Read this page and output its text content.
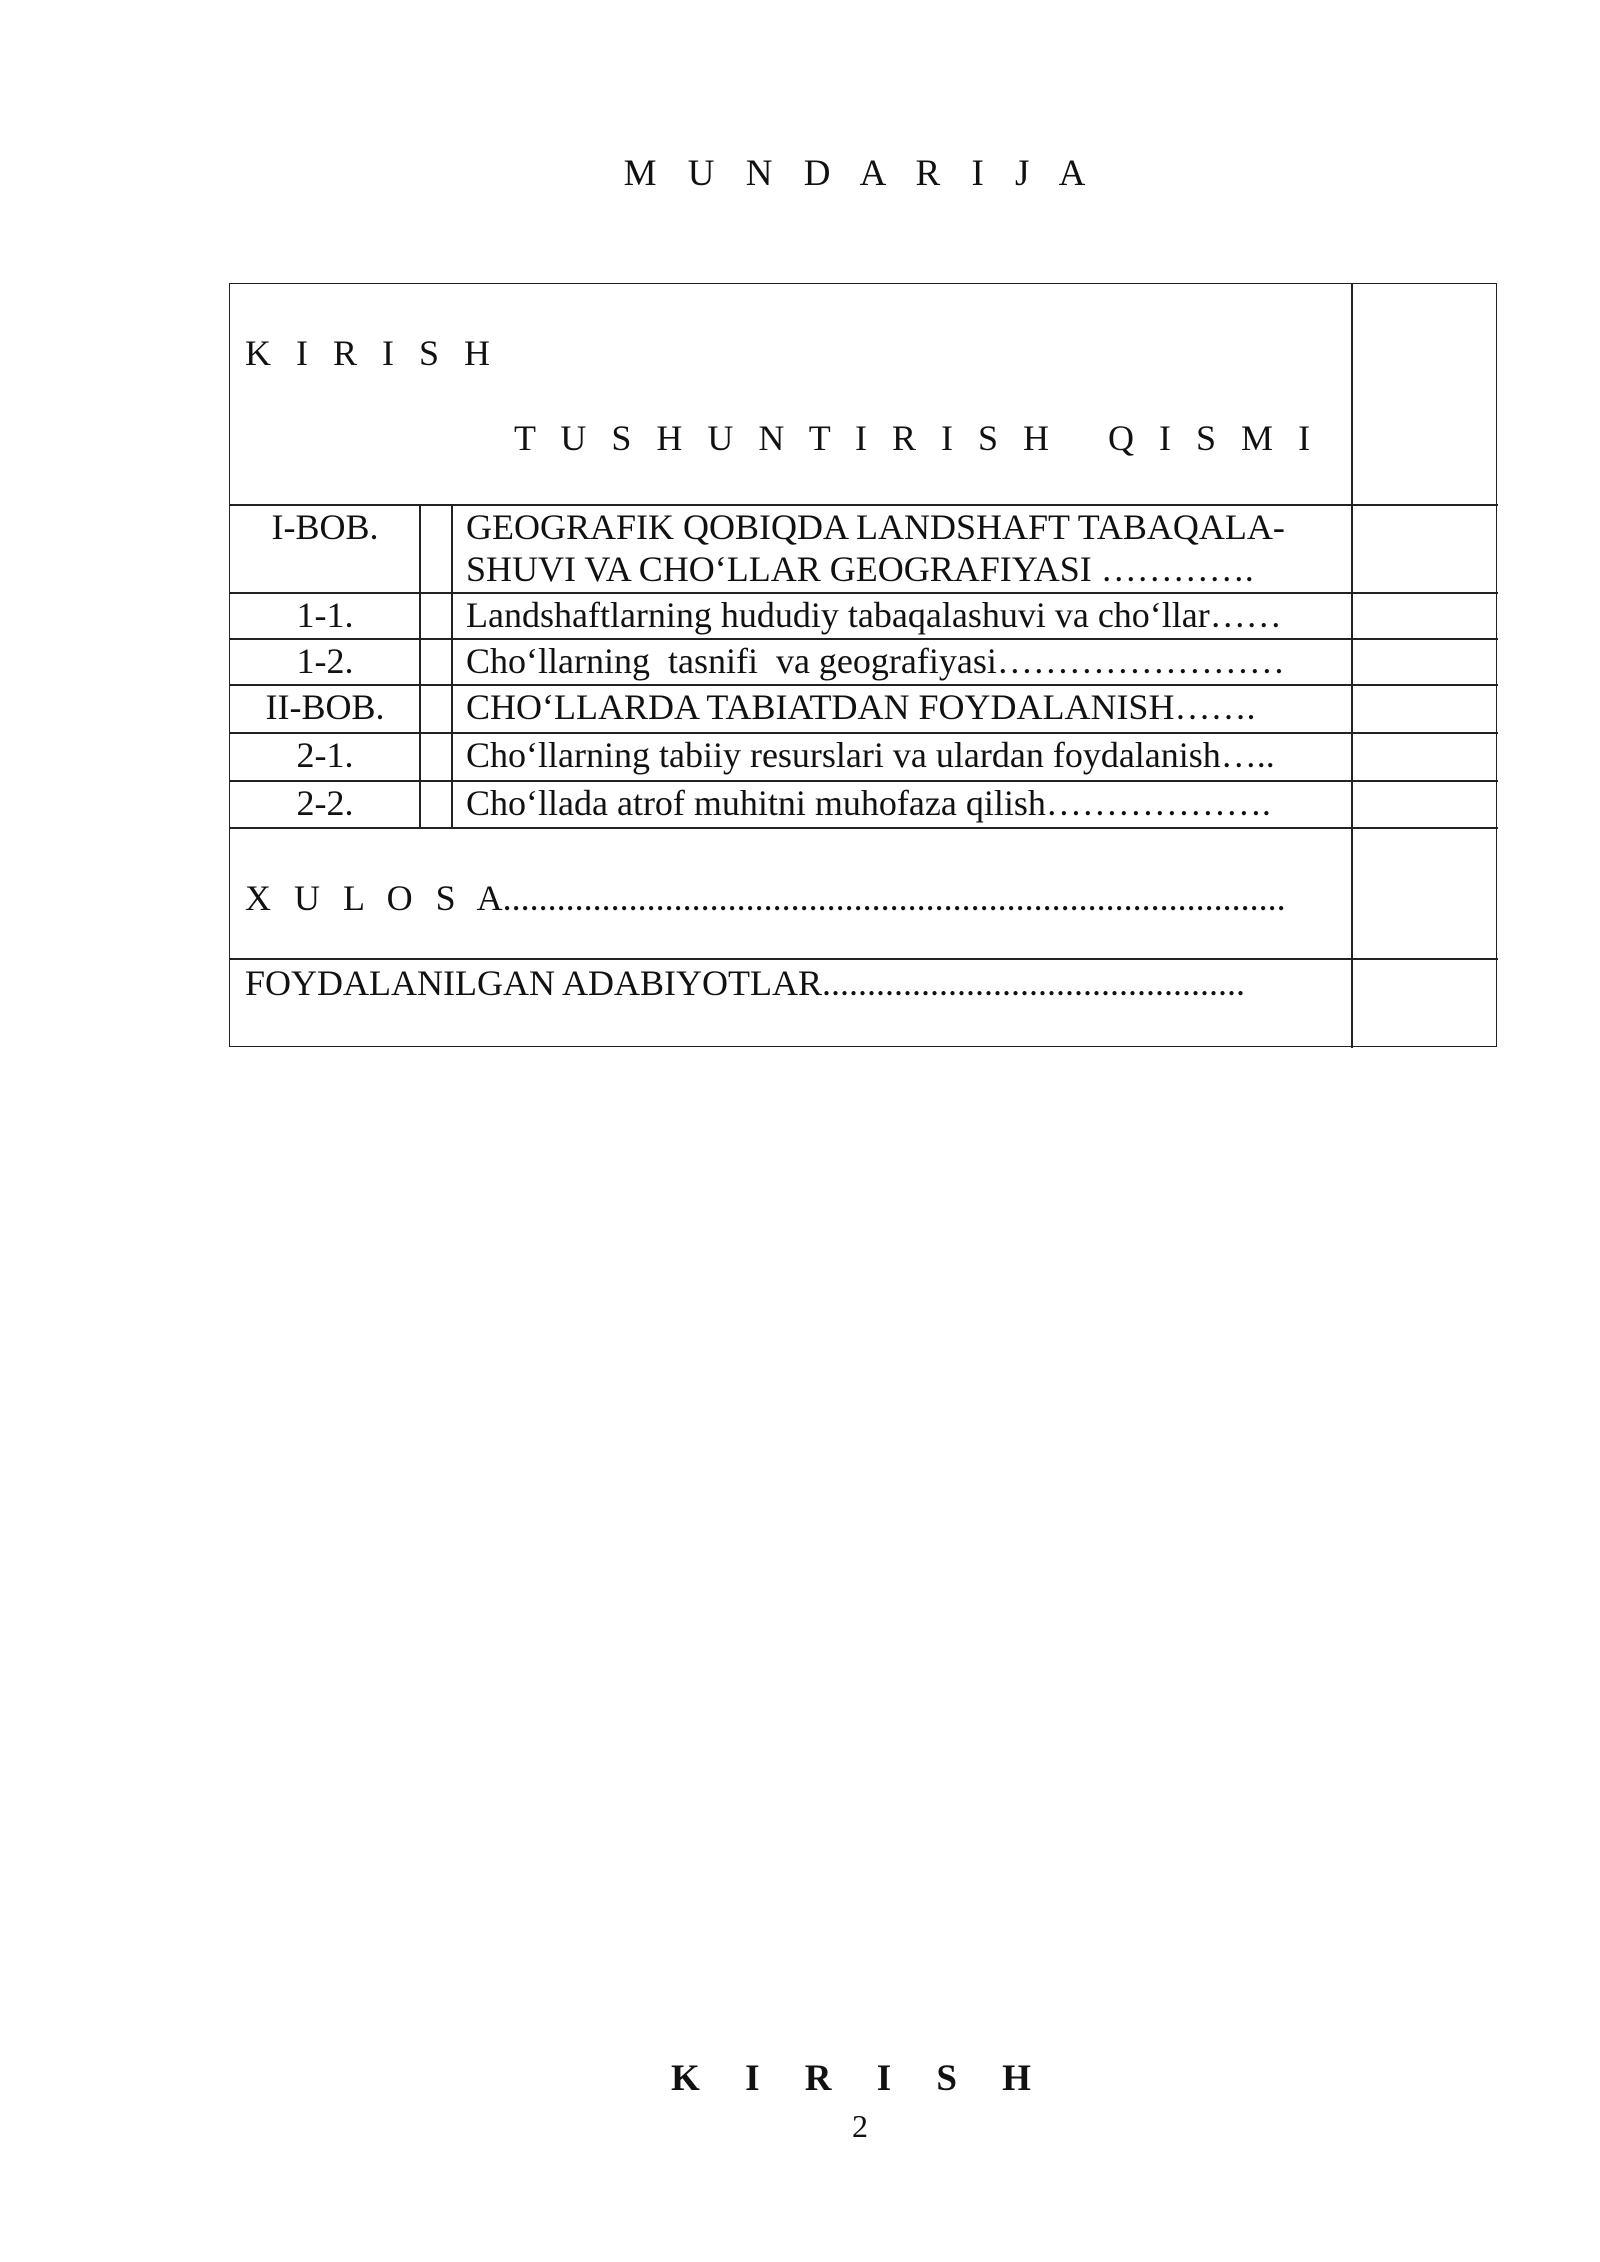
M U N D A R I J A
K I R I S H
T U S H U N T I R I S H   Q I S M I
I-BOB.	GEOGRAFIK QOBIQDA LANDSHAFT TABAQALA-
SHUVI VA CHO‘LLAR GEOGRAFIYASI ………….
1-1.	Landshaftlarning hududiy tabaqalashuvi va cho‘llar……
1-2.	Cho‘llarning  tasnifi  va geografiyasi……………………
II-BOB.	CHO‘LLARDA TABIATDAN FOYDALANISH…….
2-1.	Cho‘llarning tabiiy resurslari va ulardan foydalanish…..
2-2.	Cho‘llada atrof muhitni muhofaza qilish……………….
X U L O S A.......................................................................................
FOYDALANILGAN ADABIYOTLAR...............................................
K I R I S H
2
